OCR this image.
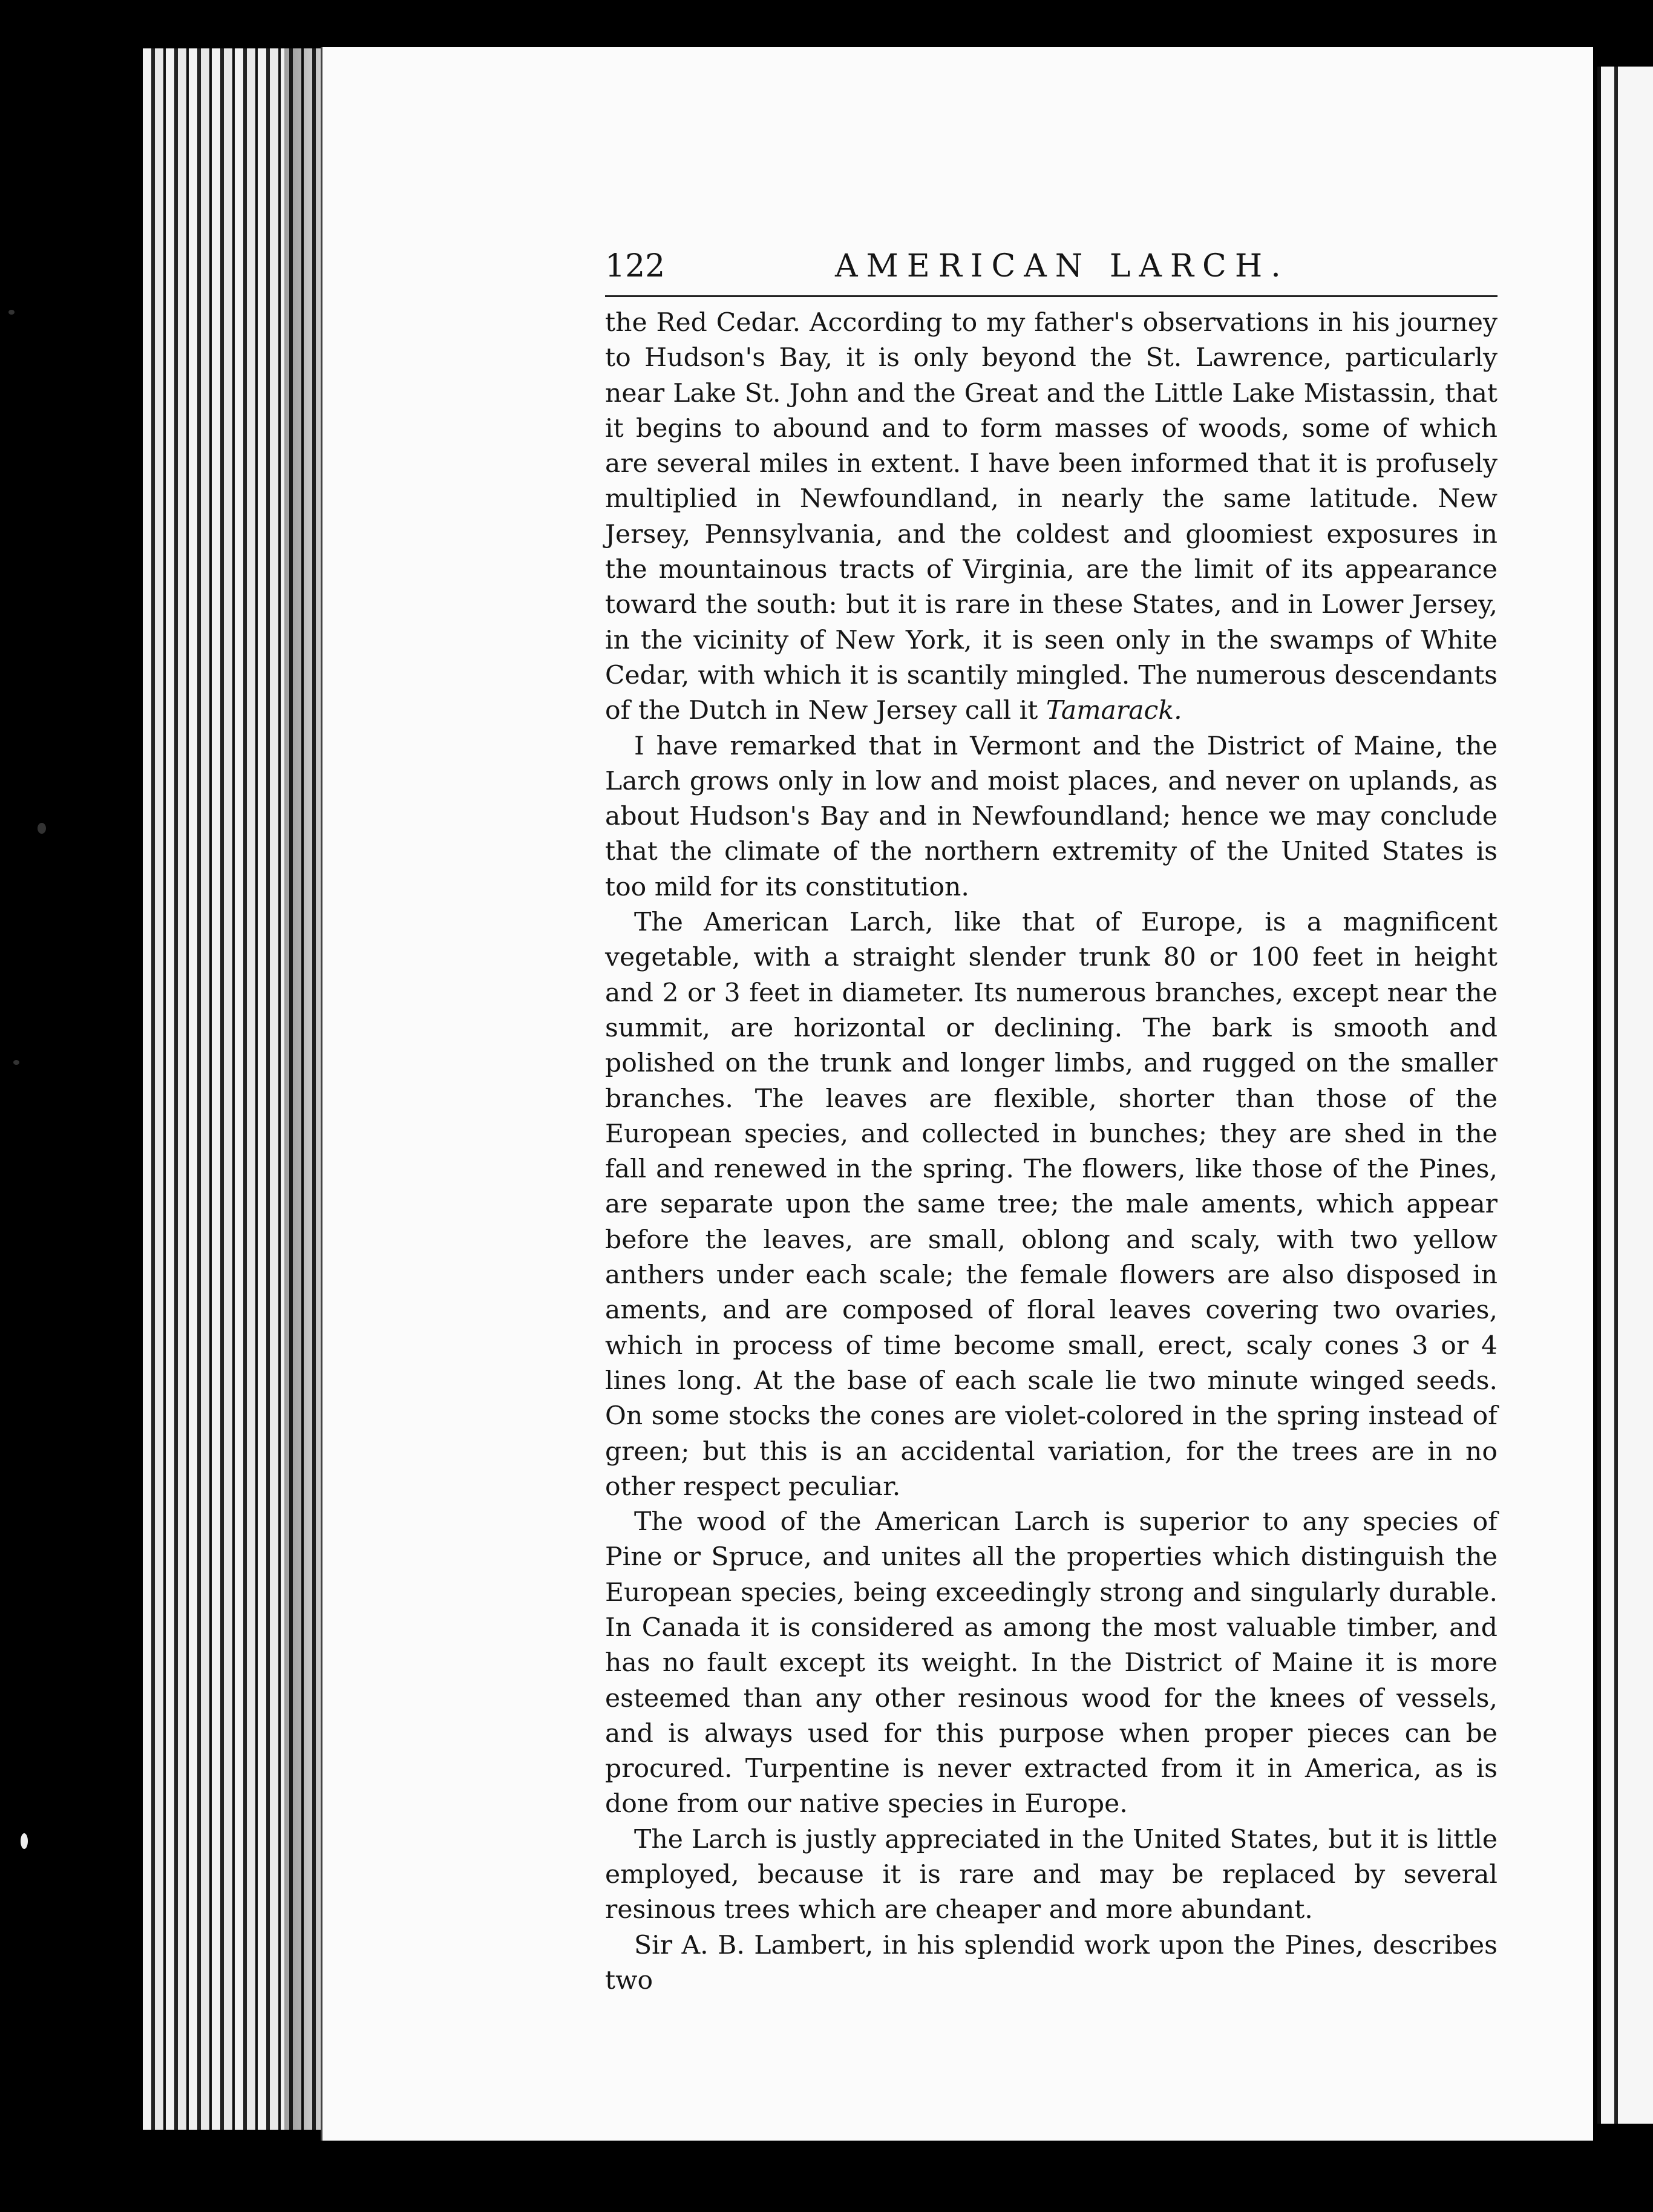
122	AMERICAN LARCH.

the Red Cedar. According to my father's observations in his journey to Hudson's Bay, it is only beyond the St. Lawrence, particularly near Lake St. John and the Great and the Little Lake Mistassin, that it begins to abound and to form masses of woods, some of which are several miles in extent. I have been informed that it is profusely multiplied in Newfoundland, in nearly the same latitude. New Jersey, Pennsylvania, and the coldest and gloomiest exposures in the mountainous tracts of Virginia, are the limit of its appearance toward the south: but it is rare in these States, and in Lower Jersey, in the vicinity of New York, it is seen only in the swamps of White Cedar, with which it is scantily mingled. The numerous descendants of the Dutch in New Jersey call it Tamarack.

I have remarked that in Vermont and the District of Maine, the Larch grows only in low and moist places, and never on uplands, as about Hudson's Bay and in Newfoundland; hence we may conclude that the climate of the northern extremity of the United States is too mild for its constitution.

The American Larch, like that of Europe, is a magnificent vegetable, with a straight slender trunk 80 or 100 feet in height and 2 or 3 feet in diameter. Its numerous branches, except near the summit, are horizontal or declining. The bark is smooth and polished on the trunk and longer limbs, and rugged on the smaller branches. The leaves are flexible, shorter than those of the European species, and collected in bunches; they are shed in the fall and renewed in the spring. The flowers, like those of the Pines, are separate upon the same tree; the male aments, which appear before the leaves, are small, oblong and scaly, with two yellow anthers under each scale; the female flowers are also disposed in aments, and are composed of floral leaves covering two ovaries, which in process of time become small, erect, scaly cones 3 or 4 lines long. At the base of each scale lie two minute winged seeds. On some stocks the cones are violet-colored in the spring instead of green; but this is an accidental variation, for the trees are in no other respect peculiar.

The wood of the American Larch is superior to any species of Pine or Spruce, and unites all the properties which distinguish the European species, being exceedingly strong and singularly durable. In Canada it is considered as among the most valuable timber, and has no fault except its weight. In the District of Maine it is more esteemed than any other resinous wood for the knees of vessels, and is always used for this purpose when proper pieces can be procured. Turpentine is never extracted from it in America, as is done from our native species in Europe.

The Larch is justly appreciated in the United States, but it is little employed, because it is rare and may be replaced by several resinous trees which are cheaper and more abundant.

Sir A. B. Lambert, in his splendid work upon the Pines, describes two
